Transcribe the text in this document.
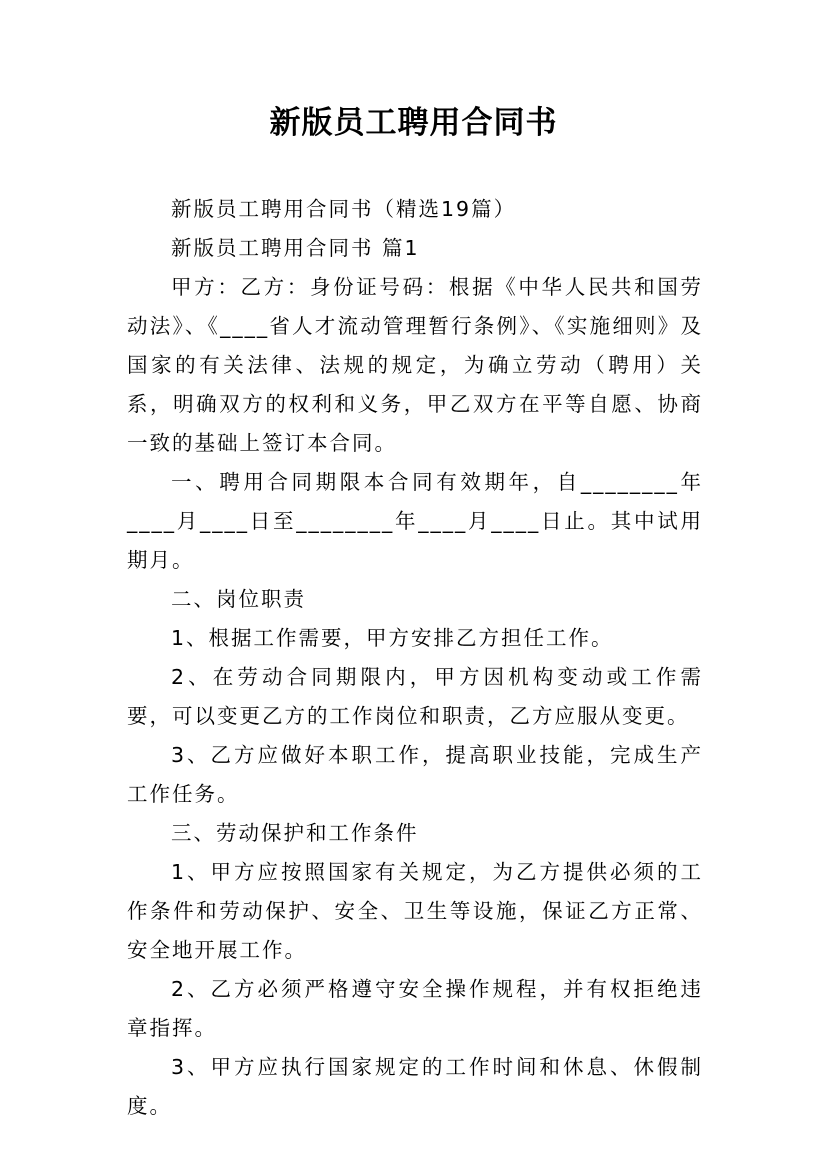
新版员工聘用合同书

新版员工聘用合同书（精选19篇）

新版员工聘用合同书 篇1

甲方：乙方：身份证号码：根据《中华人民共和国劳动法》、《____省人才流动管理暂行条例》、《实施细则》及国家的有关法律、法规的规定，为确立劳动（聘用）关系，明确双方的权利和义务，甲乙双方在平等自愿、协商一致的基础上签订本合同。

一、聘用合同期限本合同有效期年，自________年____月____日至________年____月____日止。其中试用期月。

二、岗位职责

1、根据工作需要，甲方安排乙方担任工作。

2、在劳动合同期限内，甲方因机构变动或工作需要，可以变更乙方的工作岗位和职责，乙方应服从变更。

3、乙方应做好本职工作，提高职业技能，完成生产工作任务。

三、劳动保护和工作条件

1、甲方应按照国家有关规定，为乙方提供必须的工作条件和劳动保护、安全、卫生等设施，保证乙方正常、安全地开展工作。

2、乙方必须严格遵守安全操作规程，并有权拒绝违章指挥。

3、甲方应执行国家规定的工作时间和休息、休假制度。
